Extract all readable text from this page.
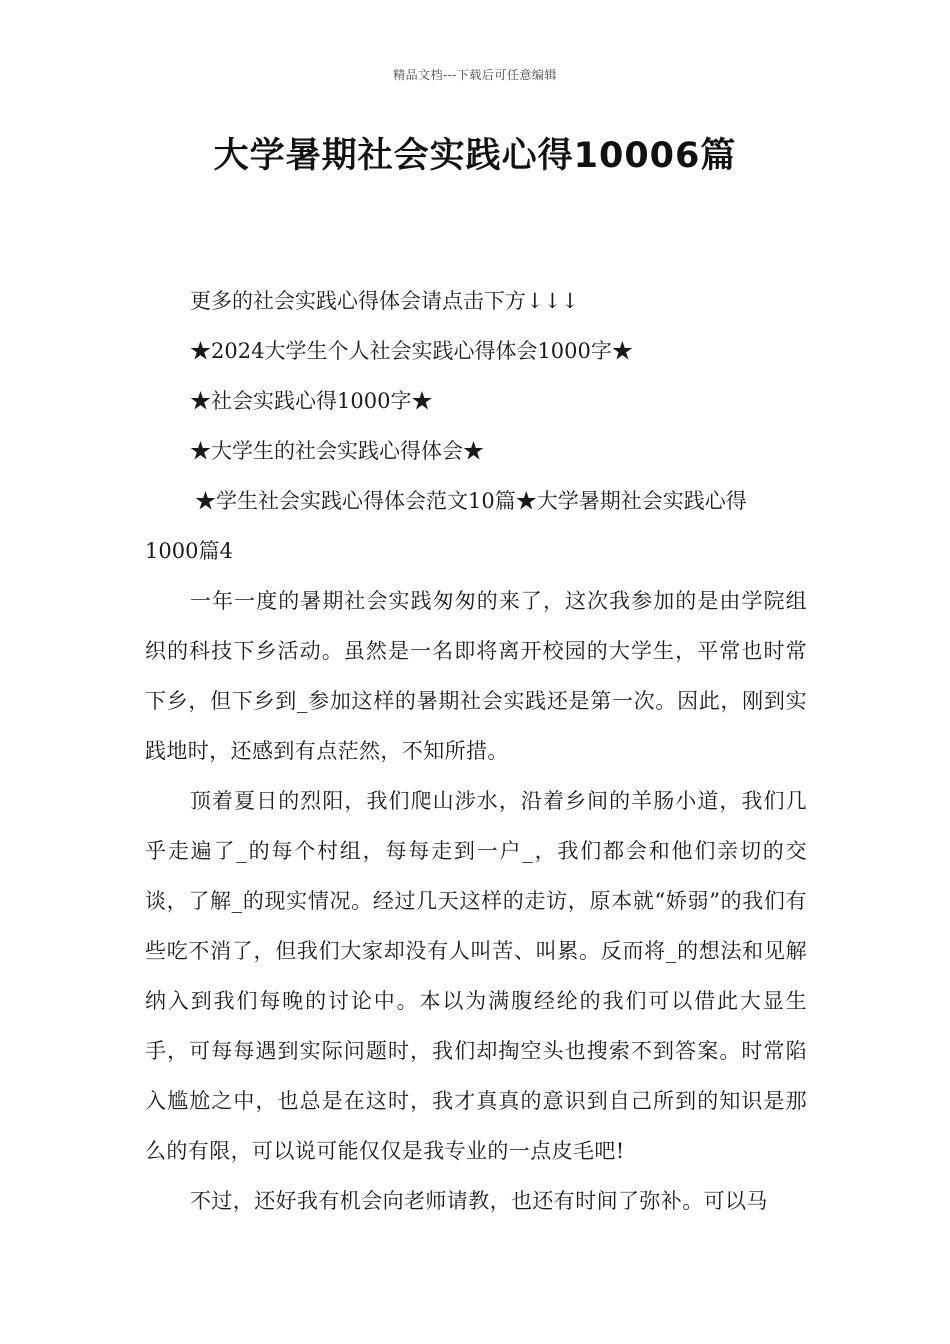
精品文档---下载后可任意编辑
大学暑期社会实践心得10006篇

更多的社会实践心得体会请点击下方↓↓↓

★2024大学生个人社会实践心得体会1000字★

★社会实践心得1000字★

★大学生的社会实践心得体会★

★学生社会实践心得体会范文10篇★大学暑期社会实践心得

1000篇4

一年一度的暑期社会实践匆匆的来了，这次我参加的是由学院组织的科技下乡活动。虽然是一名即将离开校园的大学生，平常也时常下乡，但下乡到_参加这样的暑期社会实践还是第一次。因此，刚到实践地时，还感到有点茫然，不知所措。

顶着夏日的烈阳，我们爬山涉水，沿着乡间的羊肠小道，我们几乎走遍了_的每个村组，每每走到一户_，我们都会和他们亲切的交谈，了解_的现实情况。经过几天这样的走访，原本就“娇弱”的我们有些吃不消了，但我们大家却没有人叫苦、叫累。反而将_的想法和见解纳入到我们每晚的讨论中。本以为满腹经纶的我们可以借此大显生手，可每每遇到实际问题时，我们却掏空头也搜索不到答案。时常陷入尴尬之中，也总是在这时，我才真真的意识到自己所到的知识是那么的有限，可以说可能仅仅是我专业的一点皮毛吧!

不过，还好我有机会向老师请教，也还有时间了弥补。可以马
